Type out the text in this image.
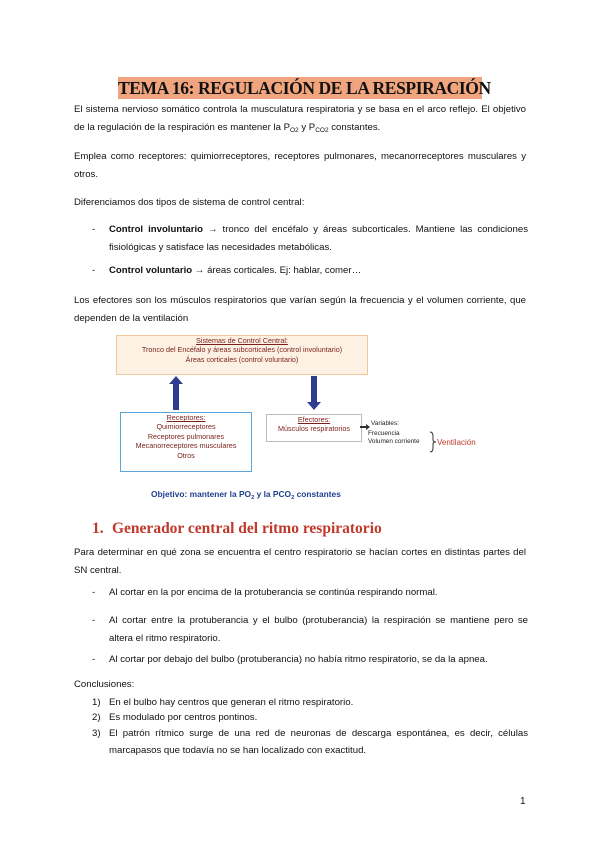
TEMA 16: REGULACIÓN DE LA RESPIRACIÓN
El sistema nervioso somático controla la musculatura respiratoria y se basa en el arco reflejo. El objetivo de la regulación de la respiración es mantener la $P_{O2}$ y $P_{CO2}$ constantes.
Emplea como receptores: quimiorreceptores, receptores pulmonares, mecanorreceptores musculares y otros.
Diferenciamos dos tipos de sistema de control central:
- Control involuntario → tronco del encéfalo y áreas subcorticales. Mantiene las condiciones fisiológicas y satisface las necesidades metabólicas.
- Control voluntario → áreas corticales. Ej: hablar, comer…
Los efectores son los músculos respiratorios que varían según la frecuencia y el volumen corriente, que dependen de la ventilación
Sistemas de Control Central:
Tronco del Encéfalo y áreas subcorticales (control involuntario)
Áreas corticales (control voluntario)
Receptores:
Quimiorreceptores
Receptores pulmonares
Mecanorreceptores musculares
Otros
Efectores:
Músculos respiratorios
Variables:
Frecuencia
Volumen corriente Ventilación
Objetivo: mantener la $PO_2$ y la $PCO_2$ constantes
1. Generador central del ritmo respiratorio
Para determinar en qué zona se encuentra el centro respiratorio se hacían cortes en distintas partes del SN central.
- Al cortar en la por encima de la protuberancia se continúa respirando normal.
- Al cortar entre la protuberancia y el bulbo (protuberancia) la respiración se mantiene pero se altera el ritmo respiratorio.
- Al cortar por debajo del bulbo (protuberancia) no había ritmo respiratorio, se da la apnea.
Conclusiones:
1) En el bulbo hay centros que generan el ritmo respiratorio.
2) Es modulado por centros pontinos.
3) El patrón rítmico surge de una red de neuronas de descarga espontánea, es decir, células marcapasos que todavía no se han localizado con exactitud.
1
